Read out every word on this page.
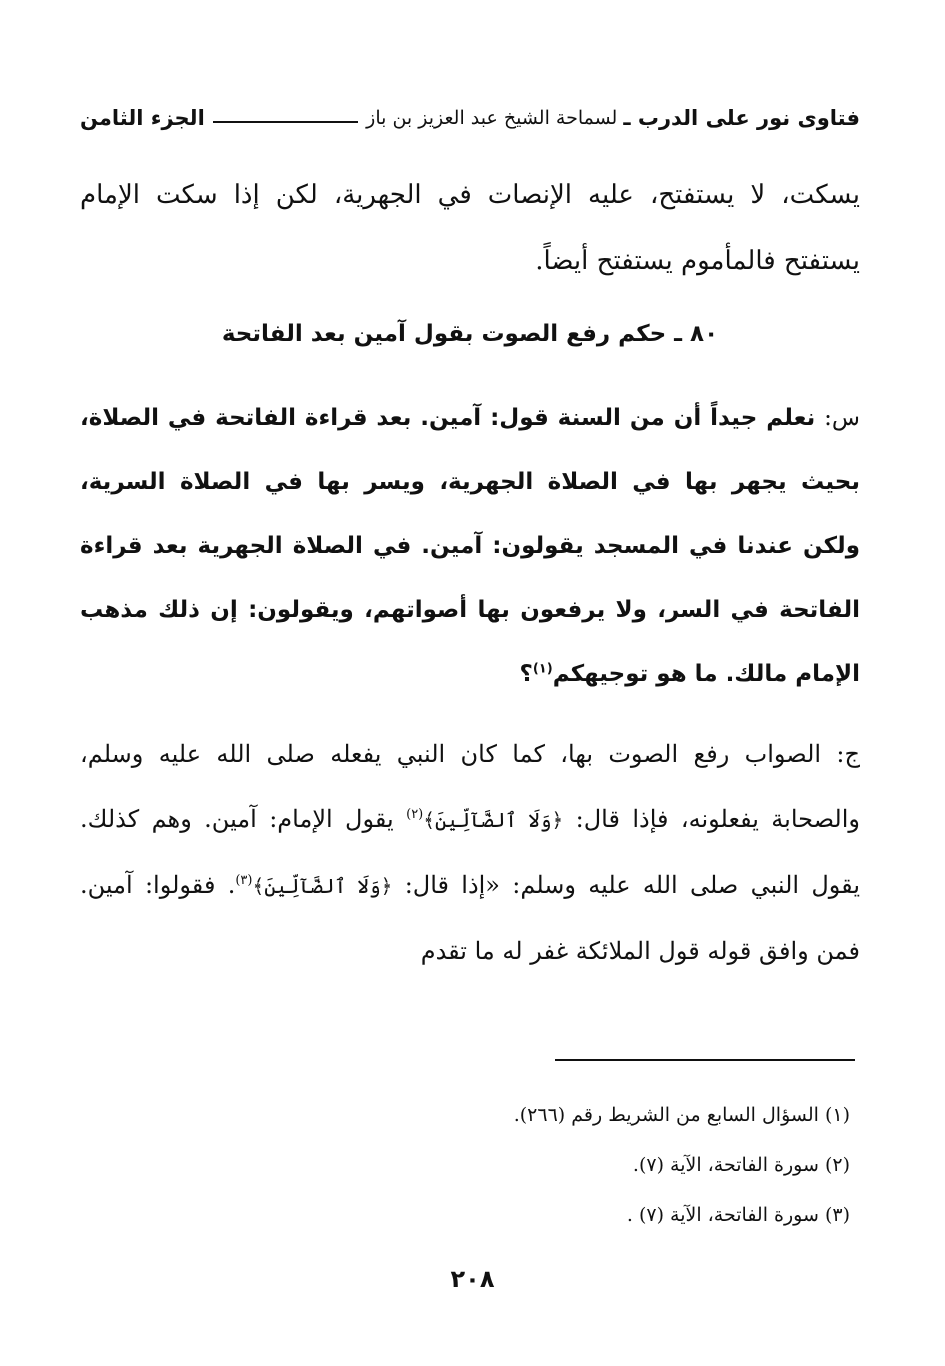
فتاوى نور على الدرب ـ
لسماحة الشيخ عبد العزيز بن باز
الجزء الثامن
يسكت، لا يستفتح، عليه الإنصات في الجهرية، لكن إذا سكت الإمام يستفتح فالمأموم يستفتح أيضاً.
٨٠ ـ حكم رفع الصوت بقول آمين بعد الفاتحة
س: نعلم جيداً أن من السنة قول: آمين. بعد قراءة الفاتحة في الصلاة، بحيث يجهر بها في الصلاة الجهرية، ويسر بها في الصلاة السرية، ولكن عندنا في المسجد يقولون: آمين. في الصلاة الجهرية بعد قراءة الفاتحة في السر، ولا يرفعون بها أصواتهم، ويقولون: إن ذلك مذهب الإمام مالك. ما هو توجيهكم$^{(١)}$؟
ج: الصواب رفع الصوت بها، كما كان النبي يفعله صلى الله عليه وسلم، والصحابة يفعلونه، فإذا قال: ﴿وَلَا ٱلضَّآلِّينَ﴾$^{(٢)}$ يقول الإمام: آمين. وهم كذلك. يقول النبي صلى الله عليه وسلم: «إذا قال: ﴿وَلَا ٱلضَّآلِّينَ﴾$^{(٣)}$. فقولوا: آمين. فمن وافق قوله قول الملائكة غفر له ما تقدم
(١) السؤال السابع من الشريط رقم (٢٦٦).
(٢) سورة الفاتحة، الآية (٧).
(٣) سورة الفاتحة، الآية (٧) .
٢٠٨
